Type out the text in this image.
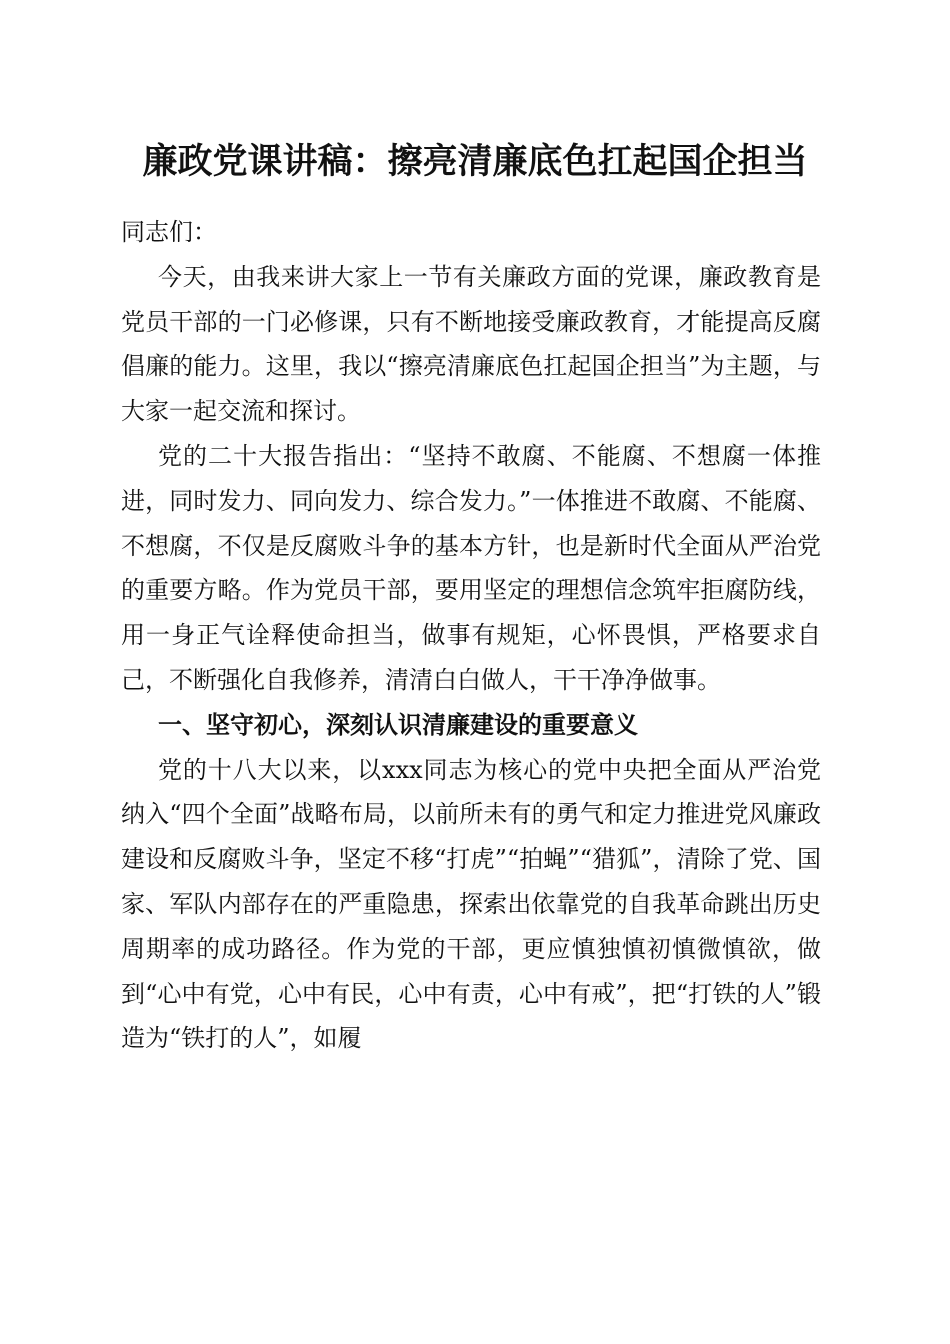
廉政党课讲稿：擦亮清廉底色扛起国企担当

同志们：

今天，由我来讲大家上一节有关廉政方面的党课，廉政教育是党员干部的一门必修课，只有不断地接受廉政教育，才能提高反腐倡廉的能力。这里，我以“擦亮清廉底色扛起国企担当”为主题，与大家一起交流和探讨。

党的二十大报告指出：“坚持不敢腐、不能腐、不想腐一体推进，同时发力、同向发力、综合发力。”一体推进不敢腐、不能腐、不想腐，不仅是反腐败斗争的基本方针，也是新时代全面从严治党的重要方略。作为党员干部，要用坚定的理想信念筑牢拒腐防线，用一身正气诠释使命担当，做事有规矩，心怀畏惧，严格要求自己，不断强化自我修养，清清白白做人，干干净净做事。

一、坚守初心，深刻认识清廉建设的重要意义

党的十八大以来，以xxx同志为核心的党中央把全面从严治党纳入“四个全面”战略布局，以前所未有的勇气和定力推进党风廉政建设和反腐败斗争，坚定不移“打虎”“拍蝇”“猎狐”，清除了党、国家、军队内部存在的严重隐患，探索出依靠党的自我革命跳出历史周期率的成功路径。作为党的干部，更应慎独慎初慎微慎欲，做到“心中有党，心中有民，心中有责，心中有戒”，把“打铁的人”锻造为“铁打的人”，如履
